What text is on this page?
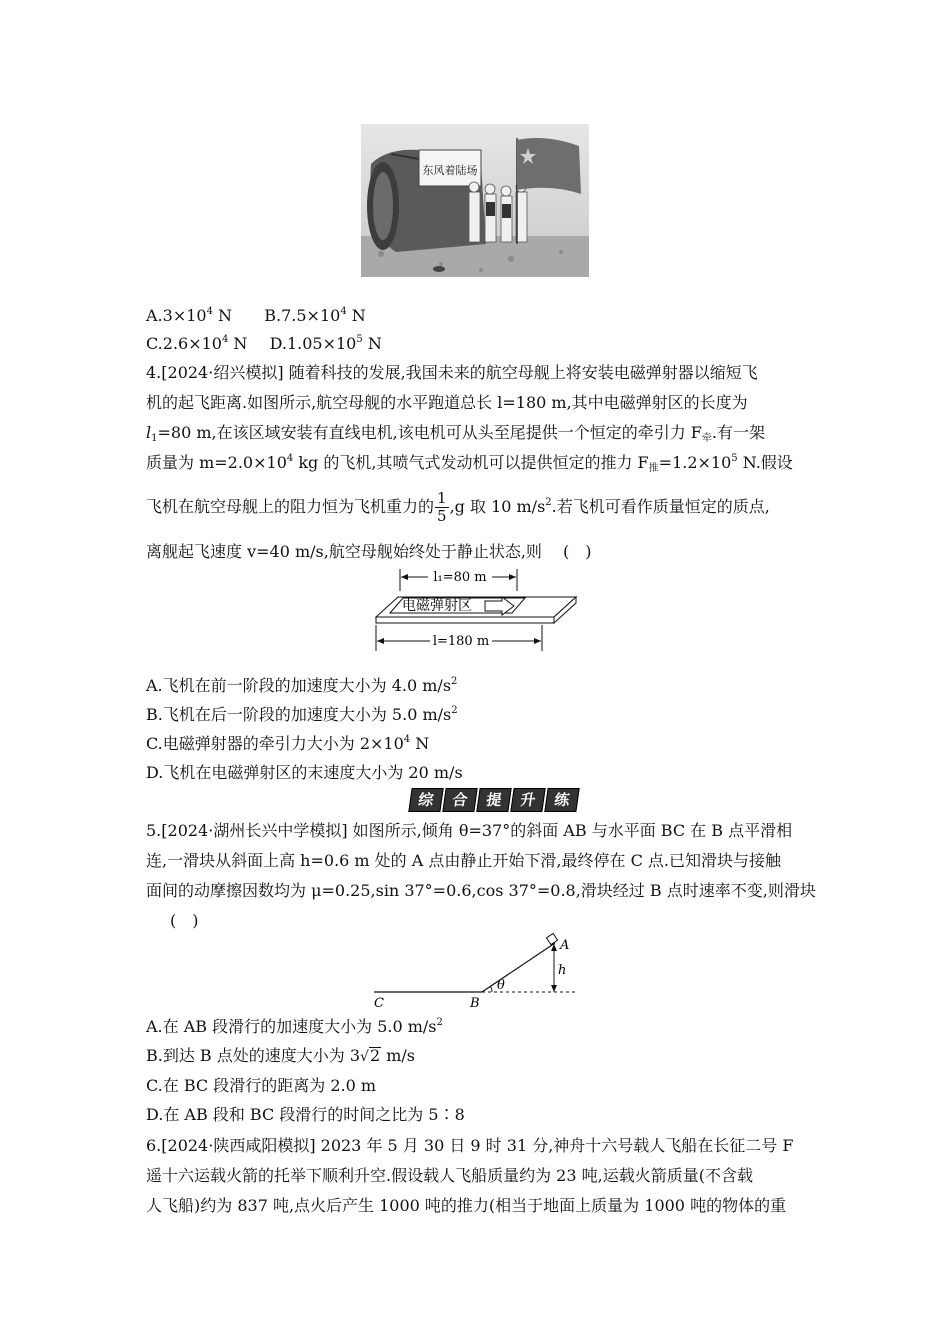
东风着陆场
$A.3\times 10^4$ N $B.7.5\times 10^4$ N
$C.2.6\times 10^4$ N $D.1.05\times 10^5$ N
4.[2024·绍兴模拟] 随着科技的发展,我国未来的航空母舰上将安装电磁弹射器以缩短飞
机的起飞距离.如图所示,航空母舰的水平跑道总长 l=180 m,其中电磁弹射区的长度为
$l_1=80$ m,在该区域安装有直线电机,该电机可从头至尾提供一个恒定的牵引力 $F_牵$.有一架
质量为 $m=2.0\times 10^4$ kg 的飞机,其喷气式发动机可以提供恒定的推力 $F_推=1.2\times 10^5$ N.假设
飞机在航空母舰上的阻力恒为飞机重力的 $\frac{1}{5} ,g$ 取 10 $m/s^2$.若飞机可看作质量恒定的质点,
离舰起飞速度 v=40 m/s,航空母舰始终处于静止状态,则　 (　)
l₁=80 m
电磁弹射区
l=180 m
A.飞机在前一阶段的加速度大小为 4.0 $m/s^2$
B.飞机在后一阶段的加速度大小为 5.0 $m/s^2$
C.电磁弹射器的牵引力大小为 $2\times 10^4$ N
D.飞机在电磁弹射区的末速度大小为 20 m/s
综	合	提	升	练
5.[2024·湖州长兴中学模拟] 如图所示,倾角 θ=37°的斜面 AB 与水平面 BC 在 B 点平滑相
连,一滑块从斜面上高 h=0.6 m 处的 A 点由静止开始下滑,最终停在 C 点.已知滑块与接触
面间的动摩擦因数均为 μ=0.25,sin 37°=0.6,cos 37°=0.8,滑块经过 B 点时速率不变,则滑块
(　)
A
h
θ
B
C
A.在 AB 段滑行的加速度大小为 5.0 $m/s^2$
B.到达 B 点处的速度大小为 3√2 m/s
C.在 BC 段滑行的距离为 2.0 m
D.在 AB 段和 BC 段滑行的时间之比为 5∶8
6.[2024·陕西咸阳模拟] 2023 年 5 月 30 日 9 时 31 分,神舟十六号载人飞船在长征二号 F
遥十六运载火箭的托举下顺利升空.假设载人飞船质量约为 23 吨,运载火箭质量(不含载
人飞船)约为 837 吨,点火后产生 1000 吨的推力(相当于地面上质量为 1000 吨的物体的重
